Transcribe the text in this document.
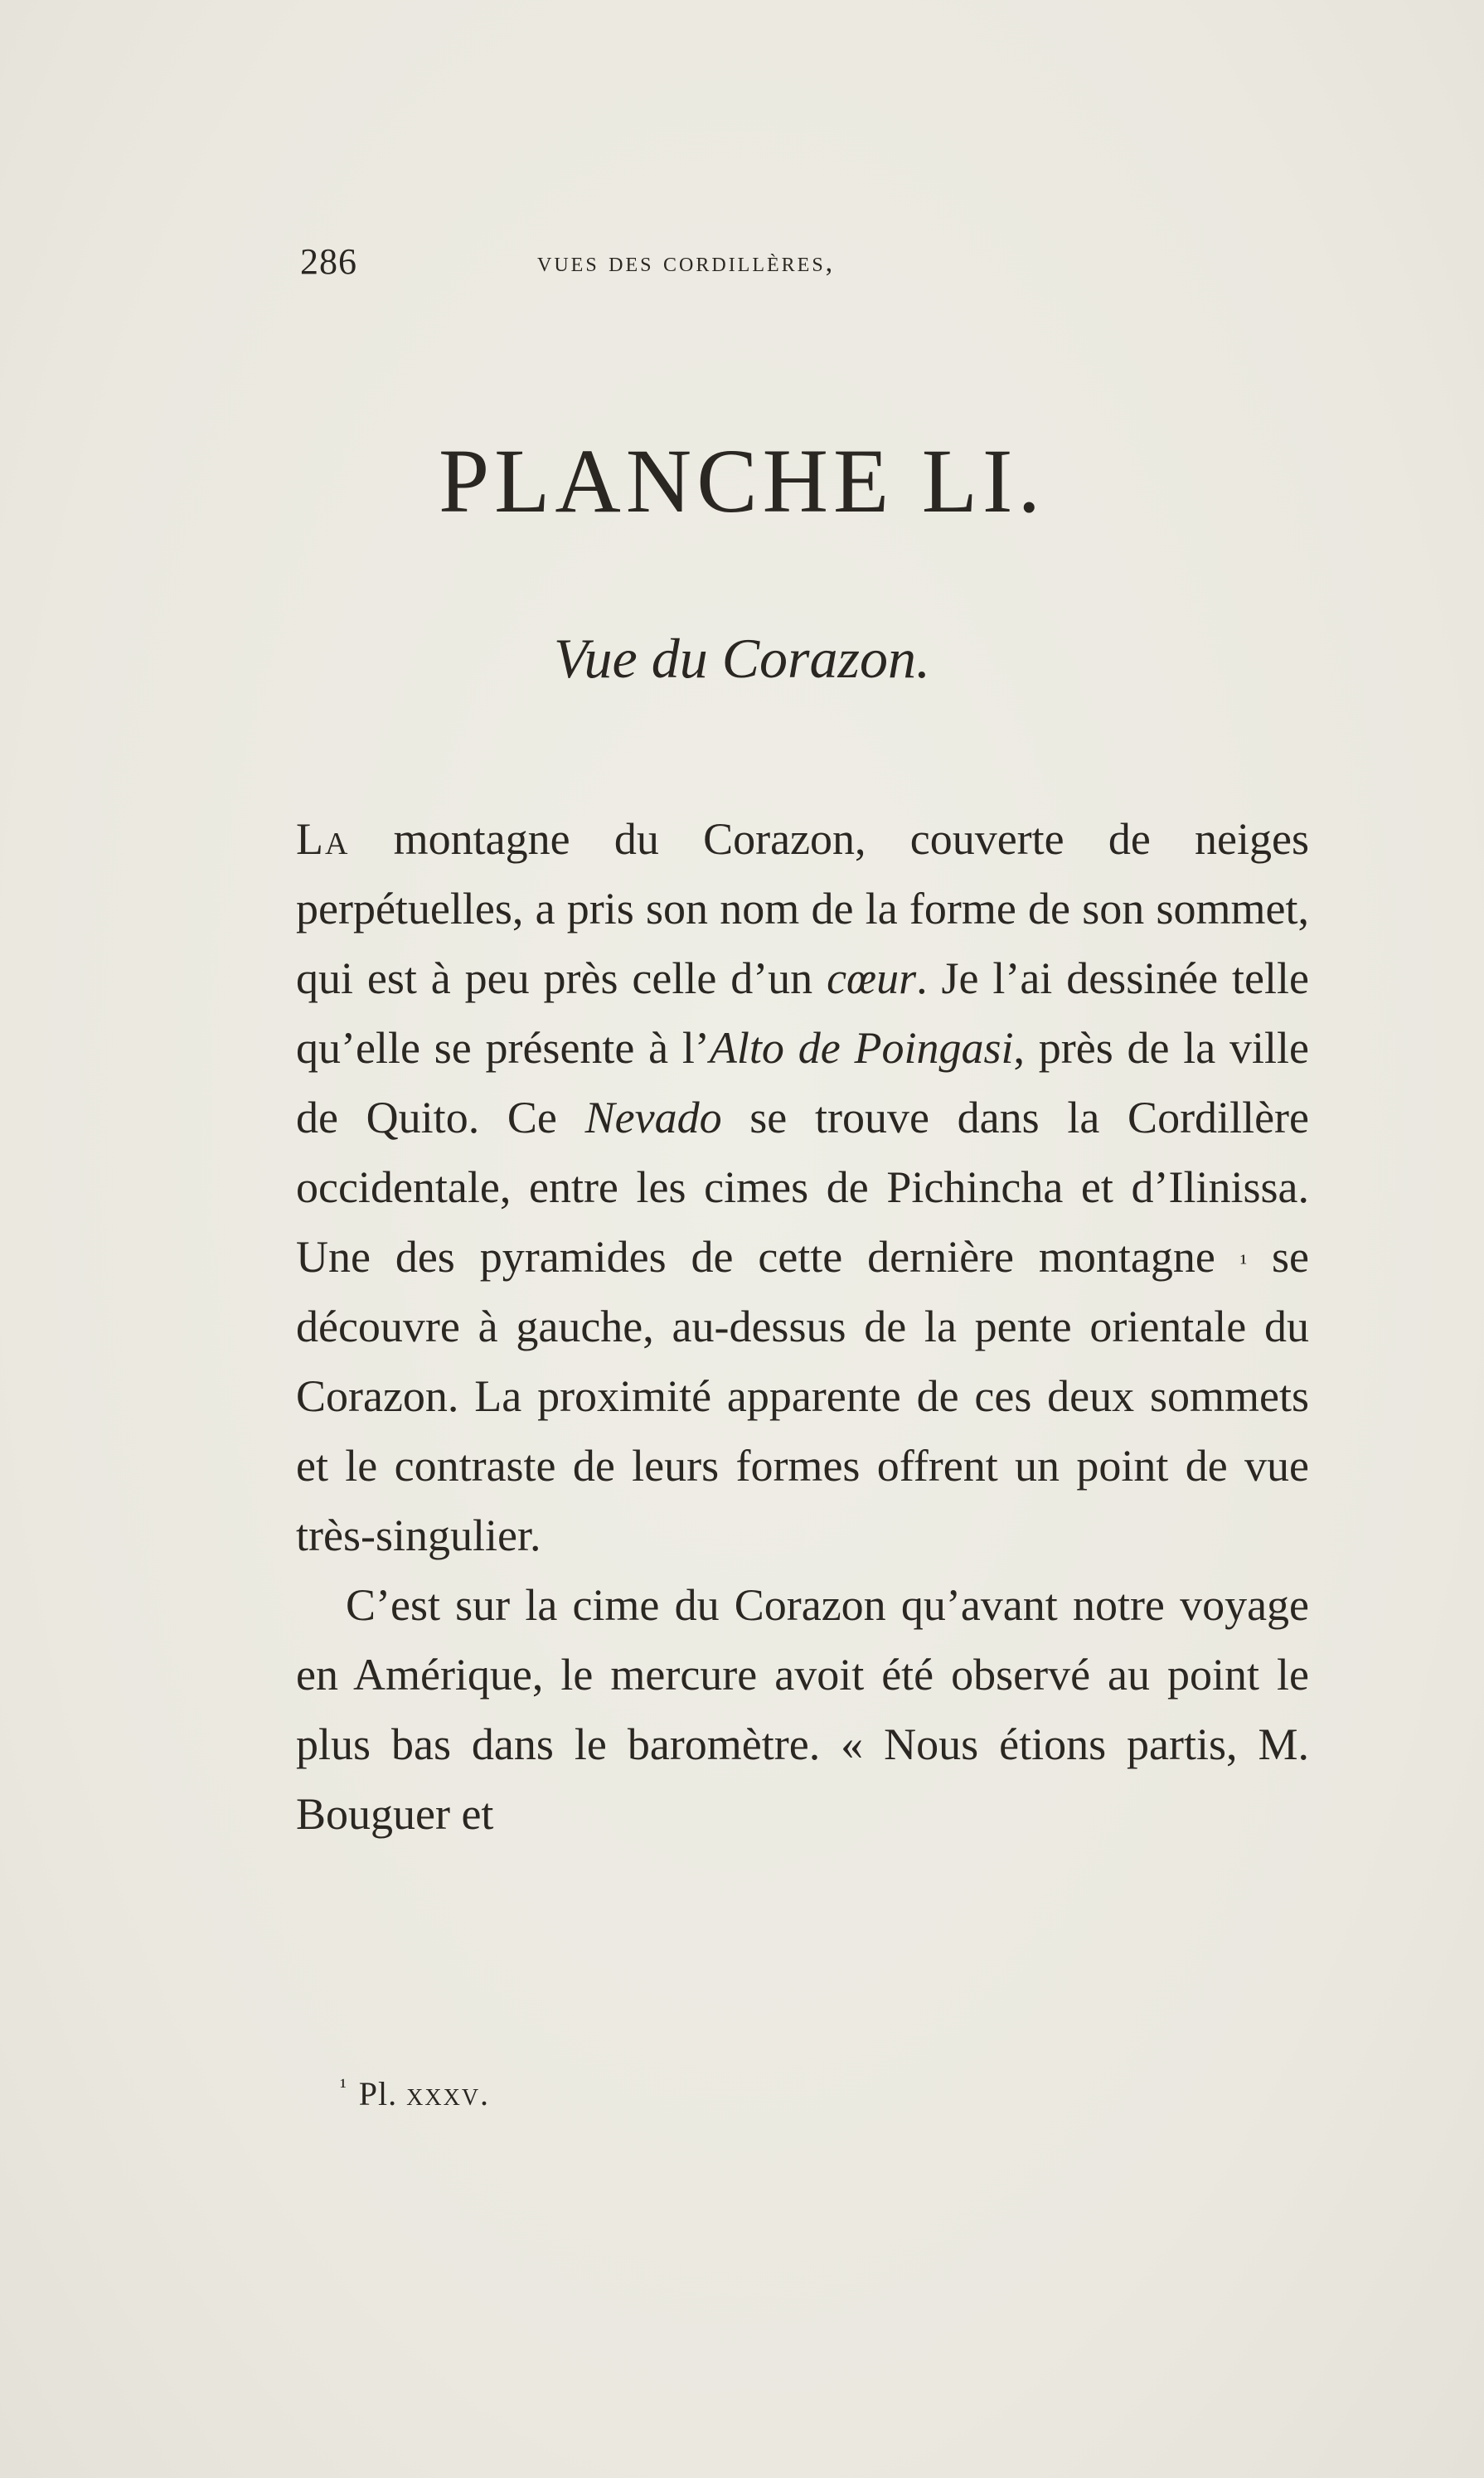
286	vues des cordillères,
PLANCHE LI.
Vue du Corazon.

La montagne du Corazon, couverte de neiges perpétuelles, a pris son nom de la forme de son sommet, qui est à peu près celle d’un cœur. Je l’ai dessinée telle qu’elle se présente à l’Alto de Poingasi, près de la ville de Quito. Ce Nevado se trouve dans la Cordillère occidentale, entre les cimes de Pichincha et d’Ilinissa. Une des pyramides de cette dernière montagne $^{^1}$ se découvre à gauche, au-dessus de la pente orientale du Corazon. La proximité apparente de ces deux sommets et le contraste de leurs formes offrent un point de vue très-singulier.

C’est sur la cime du Corazon qu’avant notre voyage en Amérique, le mercure avoit été observé au point le plus bas dans le baromètre. « Nous étions partis, M. Bouguer et

$^{^1}$ Pl. xxxv.
